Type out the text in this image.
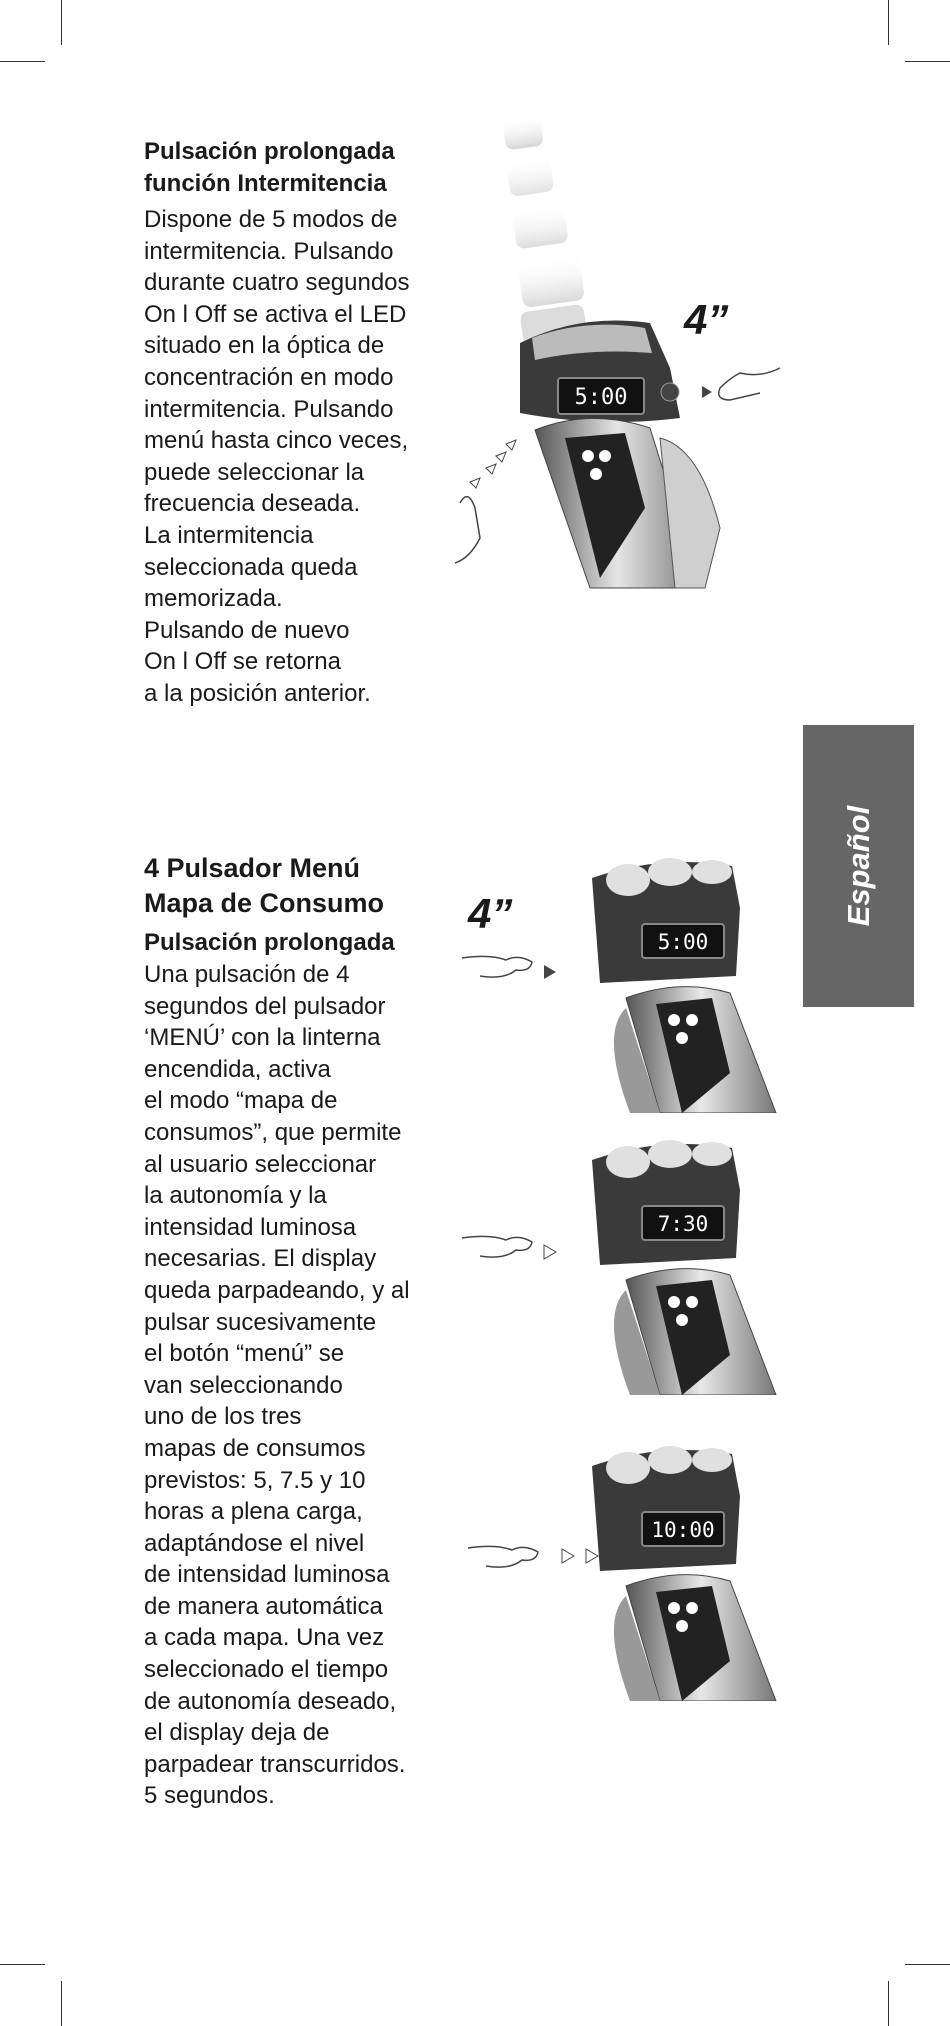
Español
Pulsación prolongada
función Intermitencia
Dispone de 5 modos de
intermitencia. Pulsando
durante cuatro segundos
On l Off se activa el LED
situado en la óptica de
concentración en modo
intermitencia. Pulsando
menú hasta cinco veces,
puede seleccionar la
frecuencia deseada.
La intermitencia
seleccionada queda
memorizada.
Pulsando de nuevo
On l Off se retorna
a la posición anterior.
5:00
4”
4 Pulsador Menú
Mapa de Consumo
Pulsación prolongada
Una pulsación de 4
segundos del pulsador
‘MENÚ’ con la linterna
encendida, activa
el modo “mapa de
consumos”, que permite
al usuario seleccionar
la autonomía y la
intensidad luminosa
necesarias. El display
queda parpadeando, y al
pulsar sucesivamente
el botón “menú” se
van seleccionando
uno de los tres
mapas de consumos
previstos: 5, 7.5 y 10
horas a plena carga,
adaptándose el nivel
de intensidad luminosa
de manera automática
a cada mapa. Una vez
seleccionado el tiempo
de autonomía deseado,
el display deja de
parpadear transcurridos.
5 segundos.
4”
5:00
7:30
10:00
